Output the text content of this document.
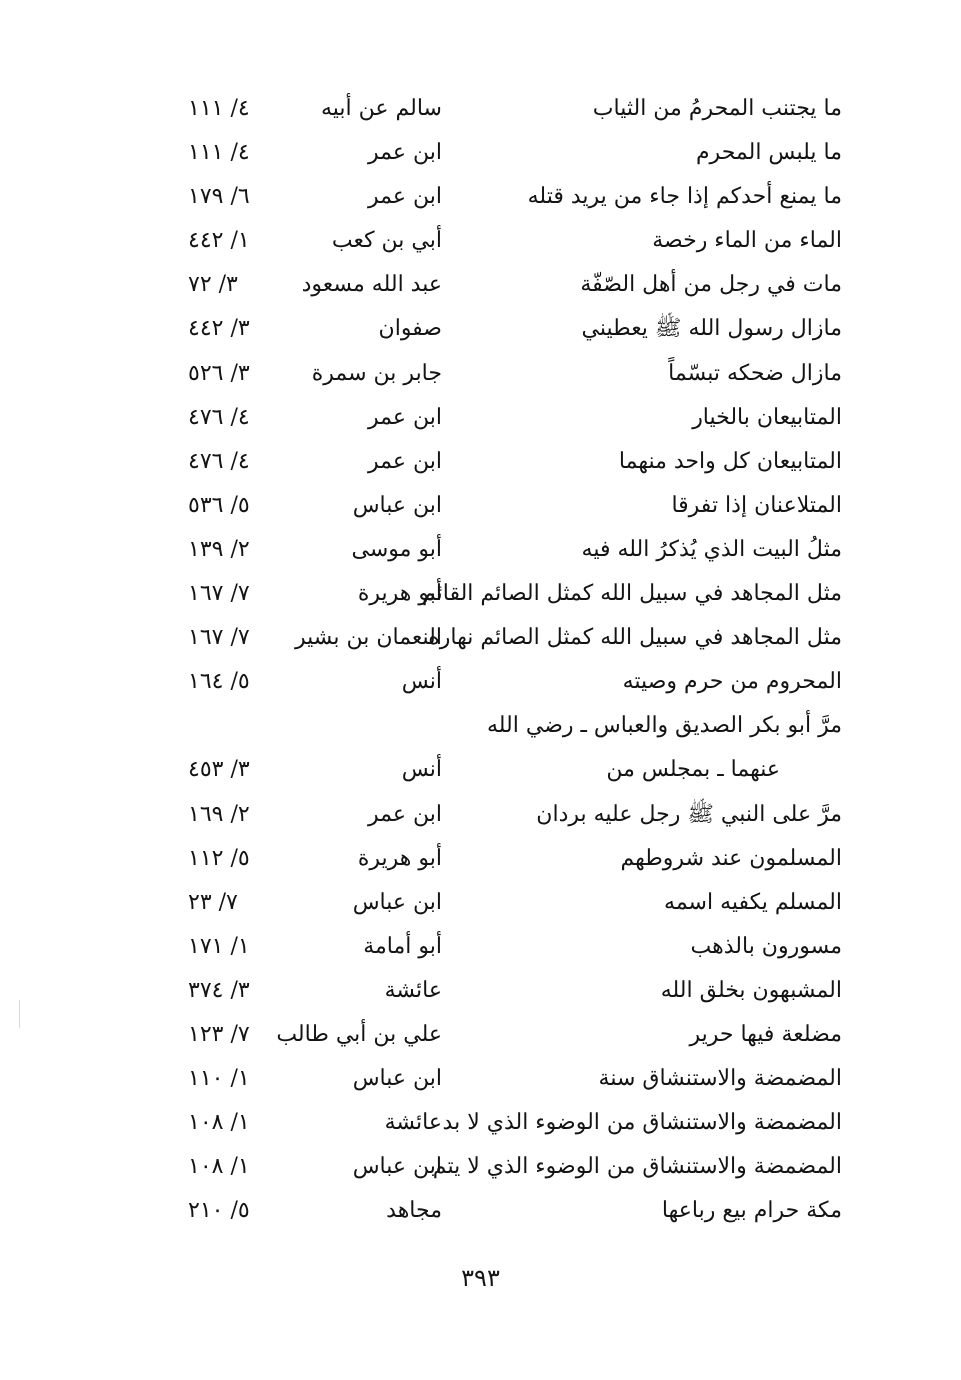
ما يجتنب المحرمُ من الثياب
سالم عن أبيه
٤/ ١١١
ما يلبس المحرم
ابن عمر
٤/ ١١١
ما يمنع أحدكم إذا جاء من يريد قتله
ابن عمر
٦/ ١٧٩
الماء من الماء رخصة
أبي بن كعب
١/ ٤٤٢
مات في رجل من أهل الصّفّة
عبد الله مسعود
٣/ ٧٢
مازال رسول الله ﷺ يعطيني
صفوان
٣/ ٤٤٢
مازال ضحكه تبسّماً
جابر بن سمرة
٣/ ٥٢٦
المتابيعان بالخيار
ابن عمر
٤/ ٤٧٦
المتابيعان كل واحد منهما
ابن عمر
٤/ ٤٧٦
المتلاعنان إذا تفرقا
ابن عباس
٥/ ٥٣٦
مثلُ البيت الذي يُذكرُ الله فيه
أبو موسى
٢/ ١٣٩
مثل المجاهد في سبيل الله كمثل الصائم القائم
أبو هريرة
٧/ ١٦٧
مثل المجاهد في سبيل الله كمثل الصائم نهاره
النعمان بن بشير
٧/ ١٦٧
المحروم من حرم وصيته
أنس
٥/ ١٦٤
مرَّ أبو بكر الصديق والعباس ـ رضي الله
عنهما ـ بمجلس من
أنس
٣/ ٤٥٣
مرَّ على النبي ﷺ رجل عليه بردان
ابن عمر
٢/ ١٦٩
المسلمون عند شروطهم
أبو هريرة
٥/ ١١٢
المسلم يكفيه اسمه
ابن عباس
٧/ ٢٣
مسورون بالذهب
أبو أمامة
١/ ١٧١
المشبهون بخلق الله
عائشة
٣/ ٣٧٤
مضلعة فيها حرير
علي بن أبي طالب
٧/ ١٢٣
المضمضة والاستنشاق سنة
ابن عباس
١/ ١١٠
المضمضة والاستنشاق من الوضوء الذي لا بد
عائشة
١/ ١٠٨
المضمضة والاستنشاق من الوضوء الذي لا يتم
ابن عباس
١/ ١٠٨
مكة حرام بيع رباعها
مجاهد
٥/ ٢١٠
٣٩٣
